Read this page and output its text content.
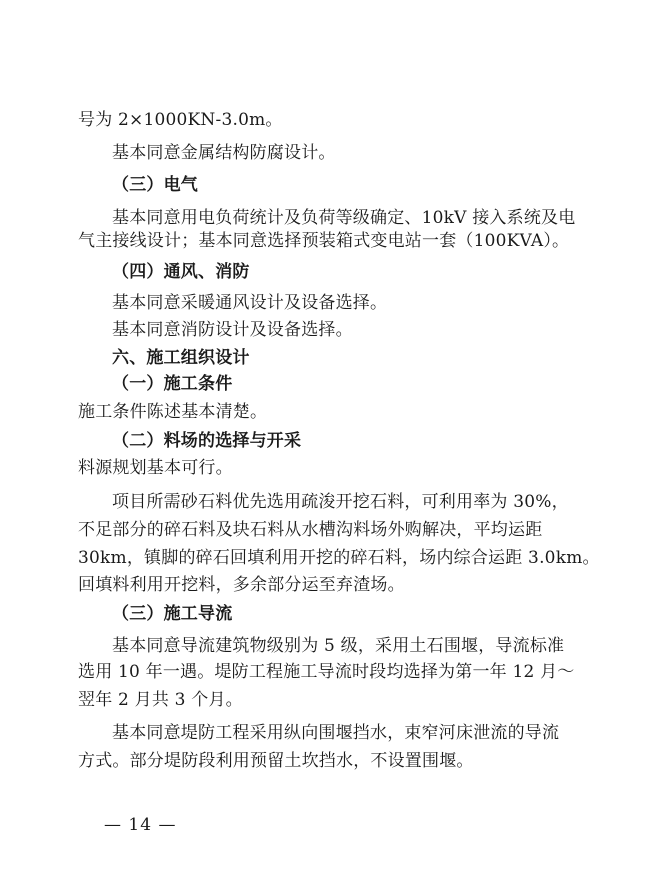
号为 2×1000KN-3.0m。
基本同意金属结构防腐设计。
（三）电气
基本同意用电负荷统计及负荷等级确定、10kV 接入系统及电
气主接线设计；基本同意选择预装箱式变电站一套（100KVA）。
（四）通风、消防
基本同意采暖通风设计及设备选择。
基本同意消防设计及设备选择。
六、施工组织设计
（一）施工条件
施工条件陈述基本清楚。
（二）料场的选择与开采
料源规划基本可行。
项目所需砂石料优先选用疏浚开挖石料，可利用率为 30%，
不足部分的碎石料及块石料从水槽沟料场外购解决，平均运距
30km，镇脚的碎石回填利用开挖的碎石料，场内综合运距 3.0km。
回填料利用开挖料，多余部分运至弃渣场。
（三）施工导流
基本同意导流建筑物级别为 5 级，采用土石围堰，导流标准
选用 10 年一遇。堤防工程施工导流时段均选择为第一年 12 月～
翌年 2 月共 3 个月。
基本同意堤防工程采用纵向围堰挡水，束窄河床泄流的导流
方式。部分堤防段利用预留土坎挡水，不设置围堰。
— 14 —
